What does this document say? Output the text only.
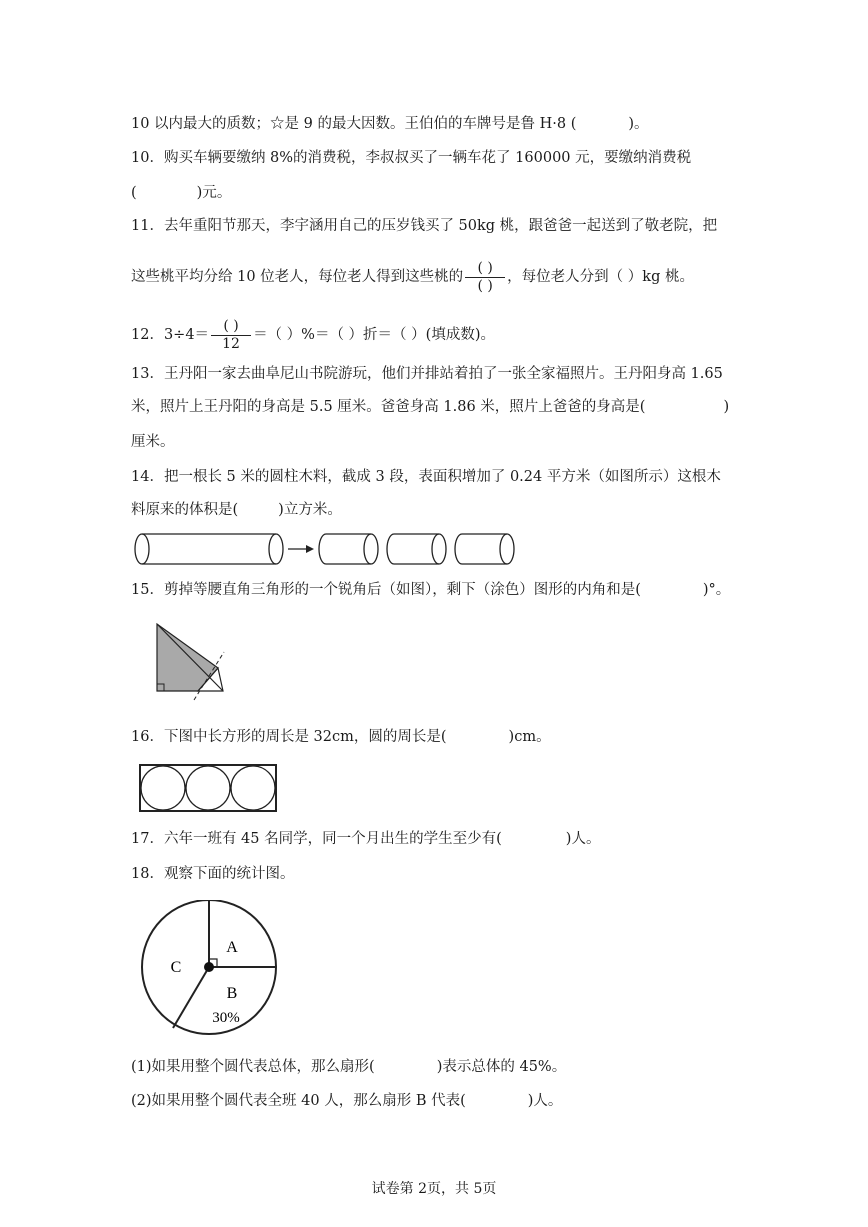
10 以内最大的质数；☆是 9 的最大因数。王伯伯的车牌号是鲁 H·8 (	)。
10．购买车辆要缴纳 8%的消费税，李叔叔买了一辆车花了 160000 元，要缴纳消费税
(	)元。
11．去年重阳节那天，李宇涵用自己的压岁钱买了 50kg 桃，跟爸爸一起送到了敬老院，把
这些桃平均分给 10 位老人，每位老人得到这些桃的 $\frac{( )}{( )}$ ，每位老人分到（ ）kg 桃。
12．$3\div 4= \frac{( )}{12}$ ＝（ ）%＝（ ）折＝（ ）(填成数)。
13．王丹阳一家去曲阜尼山书院游玩，他们并排站着拍了一张全家福照片。王丹阳身高 1.65
米，照片上王丹阳的身高是 5.5 厘米。爸爸身高 1.86 米，照片上爸爸的身高是(	)
厘米。
14．把一根长 5 米的圆柱木料，截成 3 段，表面积增加了 0.24 平方米（如图所示）这根木
料原来的体积是(	)立方米。
15．剪掉等腰直角三角形的一个锐角后（如图），剩下（涂色）图形的内角和是(	)°。
16．下图中长方形的周长是 32cm，圆的周长是(	)cm。
17．六年一班有 45 名同学，同一个月出生的学生至少有(	)人。
18．观察下面的统计图。
A
B
C
30%
(1)如果用整个圆代表总体，那么扇形(	)表示总体的 45%。
(2)如果用整个圆代表全班 40 人，那么扇形 B 代表(	)人。
试卷第 2页，共 5页
